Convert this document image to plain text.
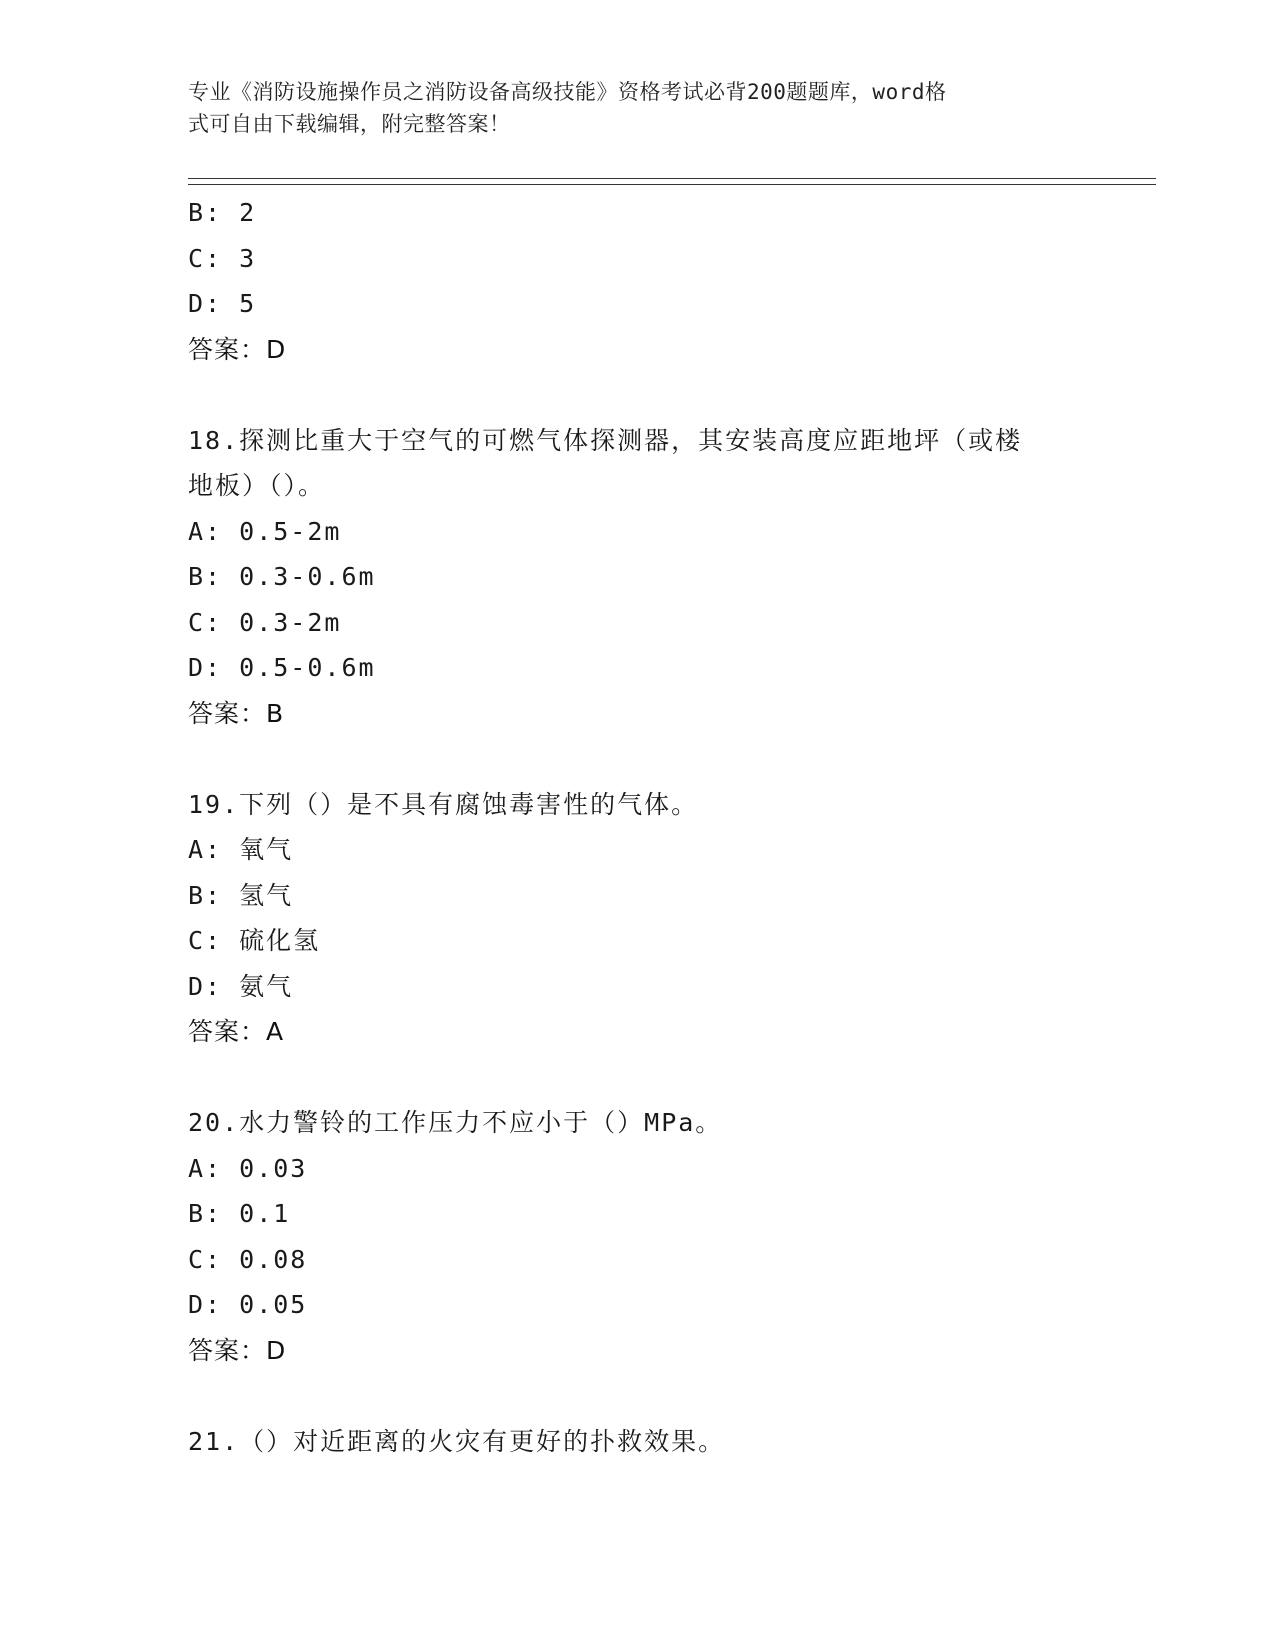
专业《消防设施操作员之消防设备高级技能》资格考试必背200题题库，word格
式可自由下载编辑，附完整答案！
B: 2
C: 3
D: 5
答案：D
18.探测比重大于空气的可燃气体探测器，其安装高度应距地坪（或楼
地板）（）。
A: 0.5-2m
B: 0.3-0.6m
C: 0.3-2m
D: 0.5-0.6m
答案：B
19.下列（）是不具有腐蚀毒害性的气体。
A: 氧气
B: 氢气
C: 硫化氢
D: 氨气
答案：A
20.水力警铃的工作压力不应小于（）MPa。
A: 0.03
B: 0.1
C: 0.08
D: 0.05
答案：D
21.（）对近距离的火灾有更好的扑救效果。
